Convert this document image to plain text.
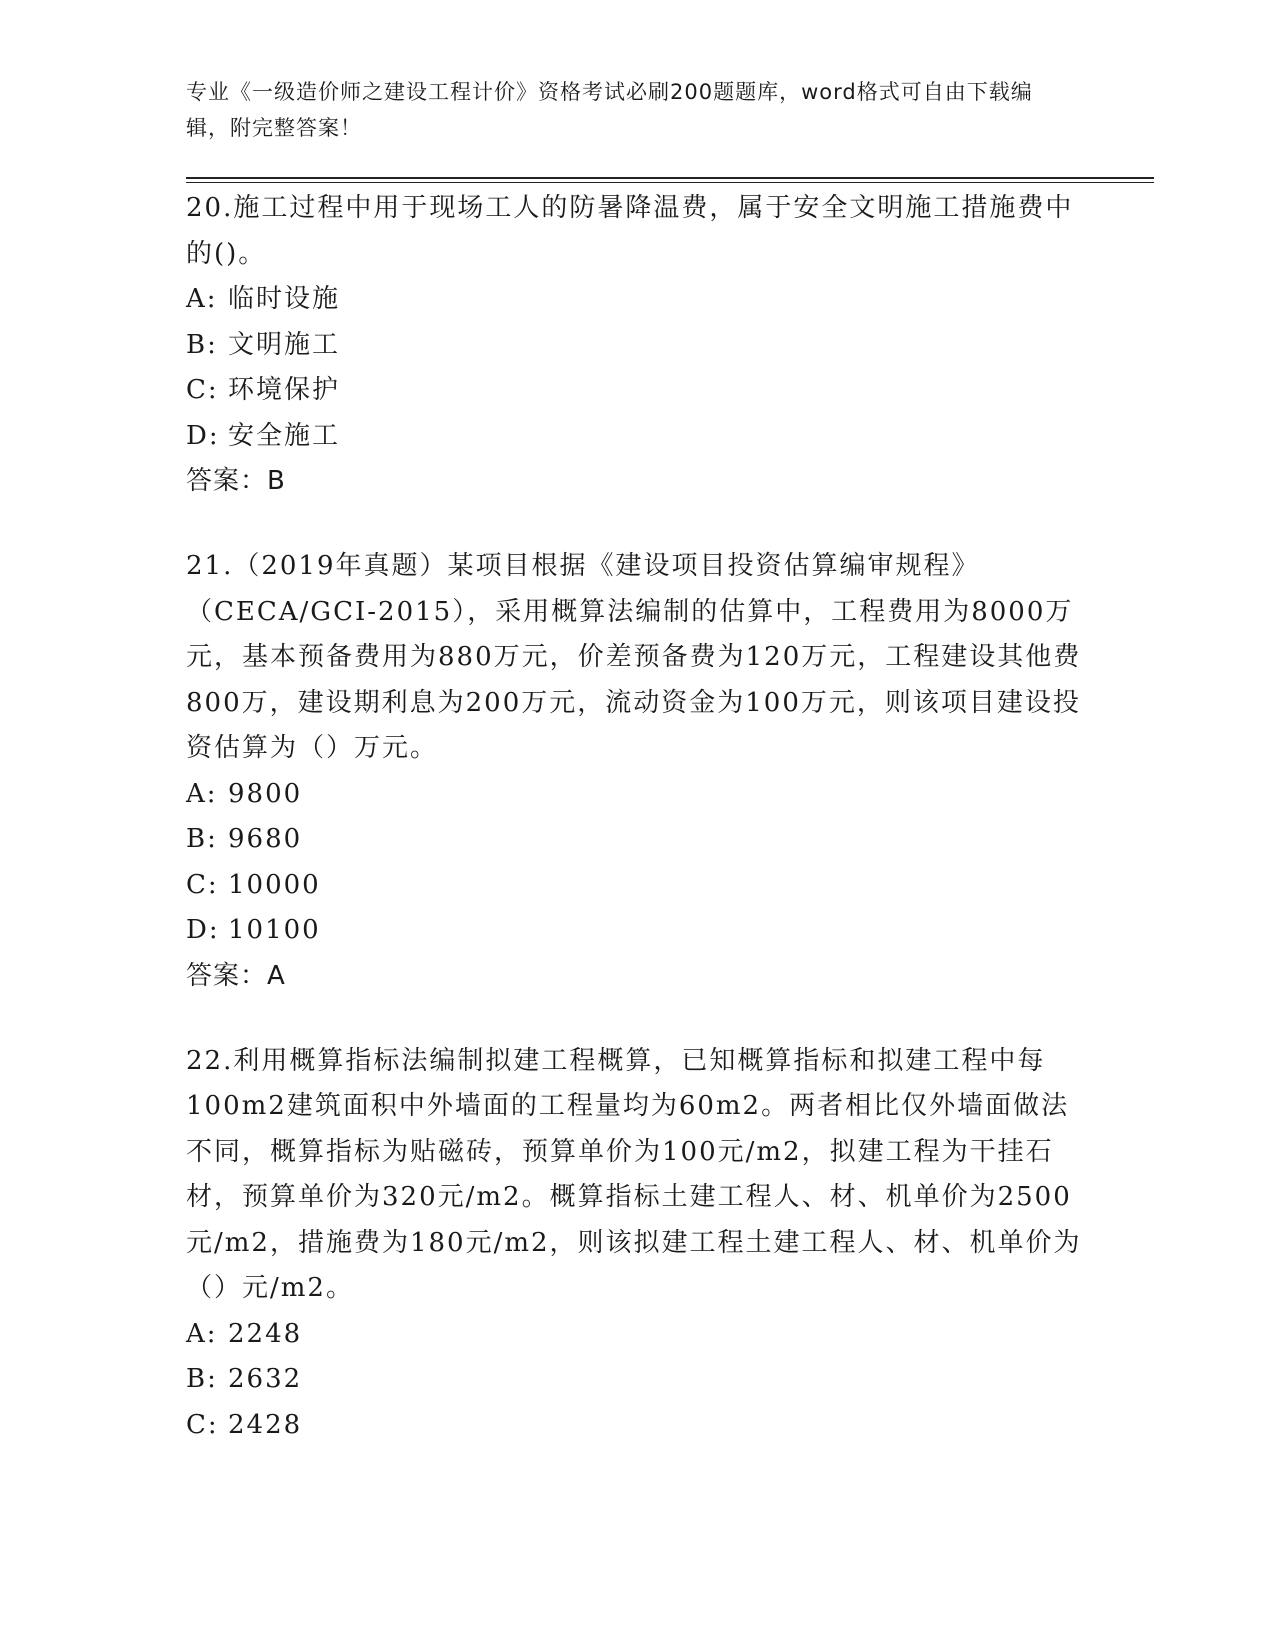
专业《一级造价师之建设工程计价》资格考试必刷200题题库，word格式可自由下载编辑，附完整答案！

20.施工过程中用于现场工人的防暑降温费，属于安全文明施工措施费中的()。

A: 临时设施

B: 文明施工

C: 环境保护

D: 安全施工

答案：B

21.（2019年真题）某项目根据《建设项目投资估算编审规程》（CECA/GCI-2015），采用概算法编制的估算中，工程费用为8000万元，基本预备费用为880万元，价差预备费为120万元，工程建设其他费800万，建设期利息为200万元，流动资金为100万元，则该项目建设投资估算为（）万元。

A: 9800

B: 9680

C: 10000

D: 10100

答案：A

22.利用概算指标法编制拟建工程概算，已知概算指标和拟建工程中每100m2建筑面积中外墙面的工程量均为60m2。两者相比仅外墙面做法不同，概算指标为贴磁砖，预算单价为100元/m2，拟建工程为干挂石材，预算单价为320元/m2。概算指标土建工程人、材、机单价为2500元/m2，措施费为180元/m2，则该拟建工程土建工程人、材、机单价为（）元/m2。

A: 2248

B: 2632

C: 2428
